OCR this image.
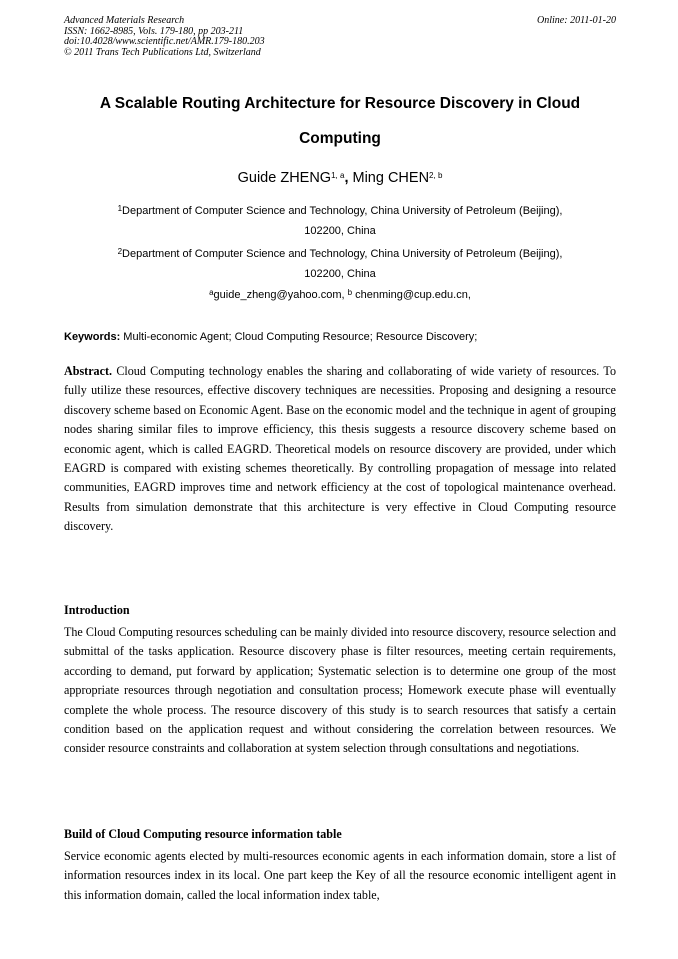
Advanced Materials Research
ISSN: 1662-8985, Vols. 179-180, pp 203-211
doi:10.4028/www.scientific.net/AMR.179-180.203
© 2011 Trans Tech Publications Ltd, Switzerland
Online: 2011-01-20
A Scalable Routing Architecture for Resource Discovery in Cloud
Computing
Guide ZHENG$^{1, a}$, Ming CHEN$^{2, b}$
$^1$Department of Computer Science and Technology, China University of Petroleum (Beijing),
102200, China
$^2$Department of Computer Science and Technology, China University of Petroleum (Beijing),
102200, China
$^a$guide_zheng@yahoo.com, $^b$ chenming@cup.edu.cn,
Keywords: Multi-economic Agent; Cloud Computing Resource; Resource Discovery;
Abstract. Cloud Computing technology enables the sharing and collaborating of wide variety of resources. To fully utilize these resources, effective discovery techniques are necessities. Proposing and designing a resource discovery scheme based on Economic Agent. Base on the economic model and the technique in agent of grouping nodes sharing similar files to improve efficiency, this thesis suggests a resource discovery scheme based on economic agent, which is called EAGRD. Theoretical models on resource discovery are provided, under which EAGRD is compared with existing schemes theoretically. By controlling propagation of message into related communities, EAGRD improves time and network efficiency at the cost of topological maintenance overhead. Results from simulation demonstrate that this architecture is very effective in Cloud Computing resource discovery.
Introduction
The Cloud Computing resources scheduling can be mainly divided into resource discovery, resource selection and submittal of the tasks application. Resource discovery phase is filter resources, meeting certain requirements, according to demand, put forward by application; Systematic selection is to determine one group of the most appropriate resources through negotiation and consultation process; Homework execute phase will eventually complete the whole process. The resource discovery of this study is to search resources that satisfy a certain condition based on the application request and without considering the correlation between resources. We consider resource constraints and collaboration at system selection through consultations and negotiations.
Build of Cloud Computing resource information table
Service economic agents elected by multi-resources economic agents in each information domain, store a list of information resources index in its local. One part keep the Key of all the resource economic intelligent agent in this information domain, called the local information index table,
